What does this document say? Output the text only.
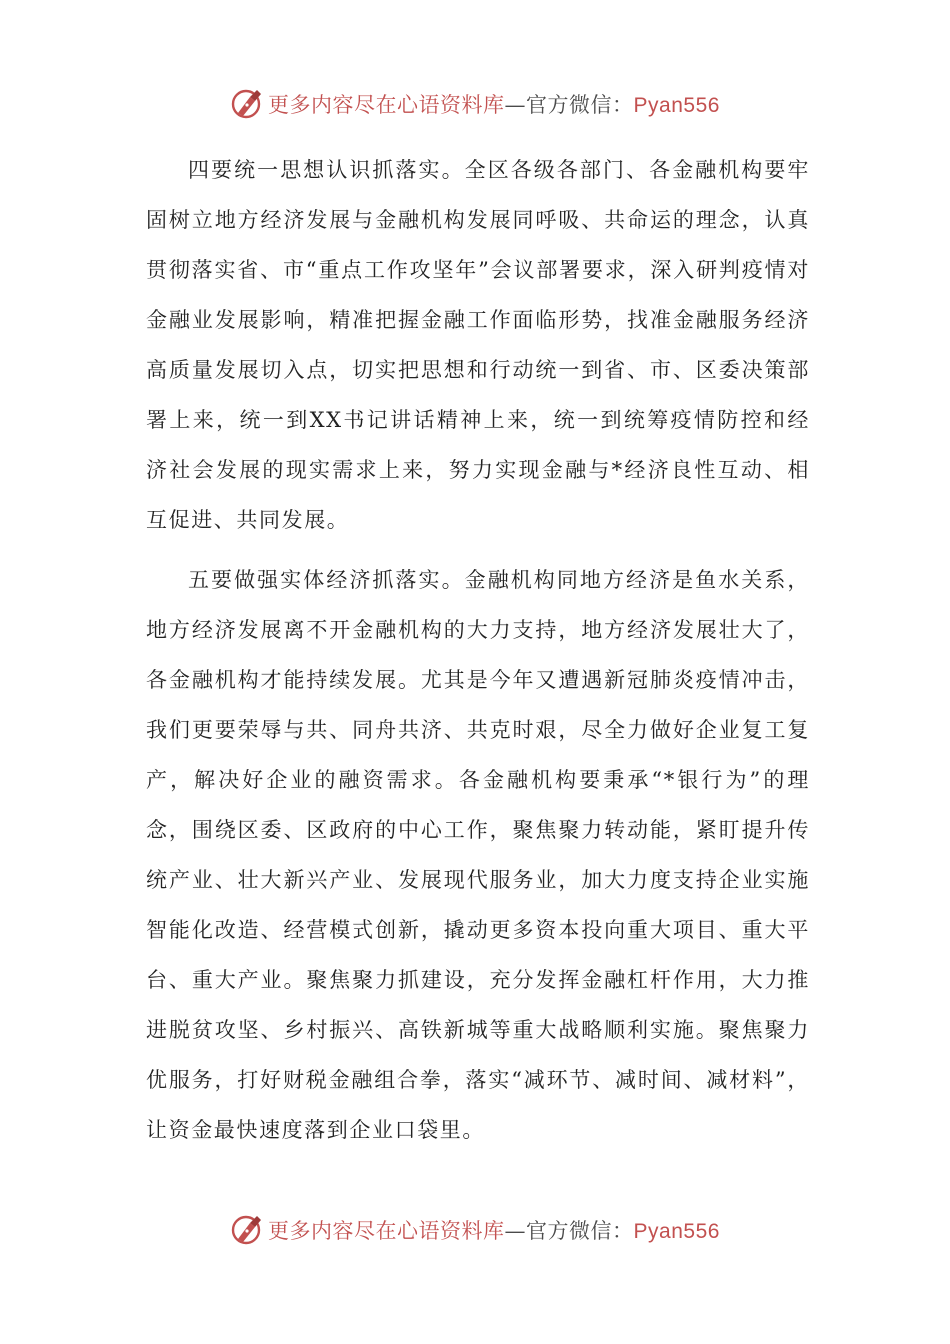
更多内容尽在心语资料库—官方微信：Pyan556

四要统一思想认识抓落实。全区各级各部门、各金融机构要牢固树立地方经济发展与金融机构发展同呼吸、共命运的理念，认真贯彻落实省、市“重点工作攻坚年”会议部署要求，深入研判疫情对金融业发展影响，精准把握金融工作面临形势，找准金融服务经济高质量发展切入点，切实把思想和行动统一到省、市、区委决策部署上来，统一到XX书记讲话精神上来，统一到统筹疫情防控和经济社会发展的现实需求上来，努力实现金融与*经济良性互动、相互促进、共同发展。

五要做强实体经济抓落实。金融机构同地方经济是鱼水关系，地方经济发展离不开金融机构的大力支持，地方经济发展壮大了，各金融机构才能持续发展。尤其是今年又遭遇新冠肺炎疫情冲击，我们更要荣辱与共、同舟共济、共克时艰，尽全力做好企业复工复产，解决好企业的融资需求。各金融机构要秉承“*银行为”的理念，围绕区委、区政府的中心工作，聚焦聚力转动能，紧盯提升传统产业、壮大新兴产业、发展现代服务业，加大力度支持企业实施智能化改造、经营模式创新，撬动更多资本投向重大项目、重大平台、重大产业。聚焦聚力抓建设，充分发挥金融杠杆作用，大力推进脱贫攻坚、乡村振兴、高铁新城等重大战略顺利实施。聚焦聚力优服务，打好财税金融组合拳，落实“减环节、减时间、减材料”，让资金最快速度落到企业口袋里。

更多内容尽在心语资料库—官方微信：Pyan556
